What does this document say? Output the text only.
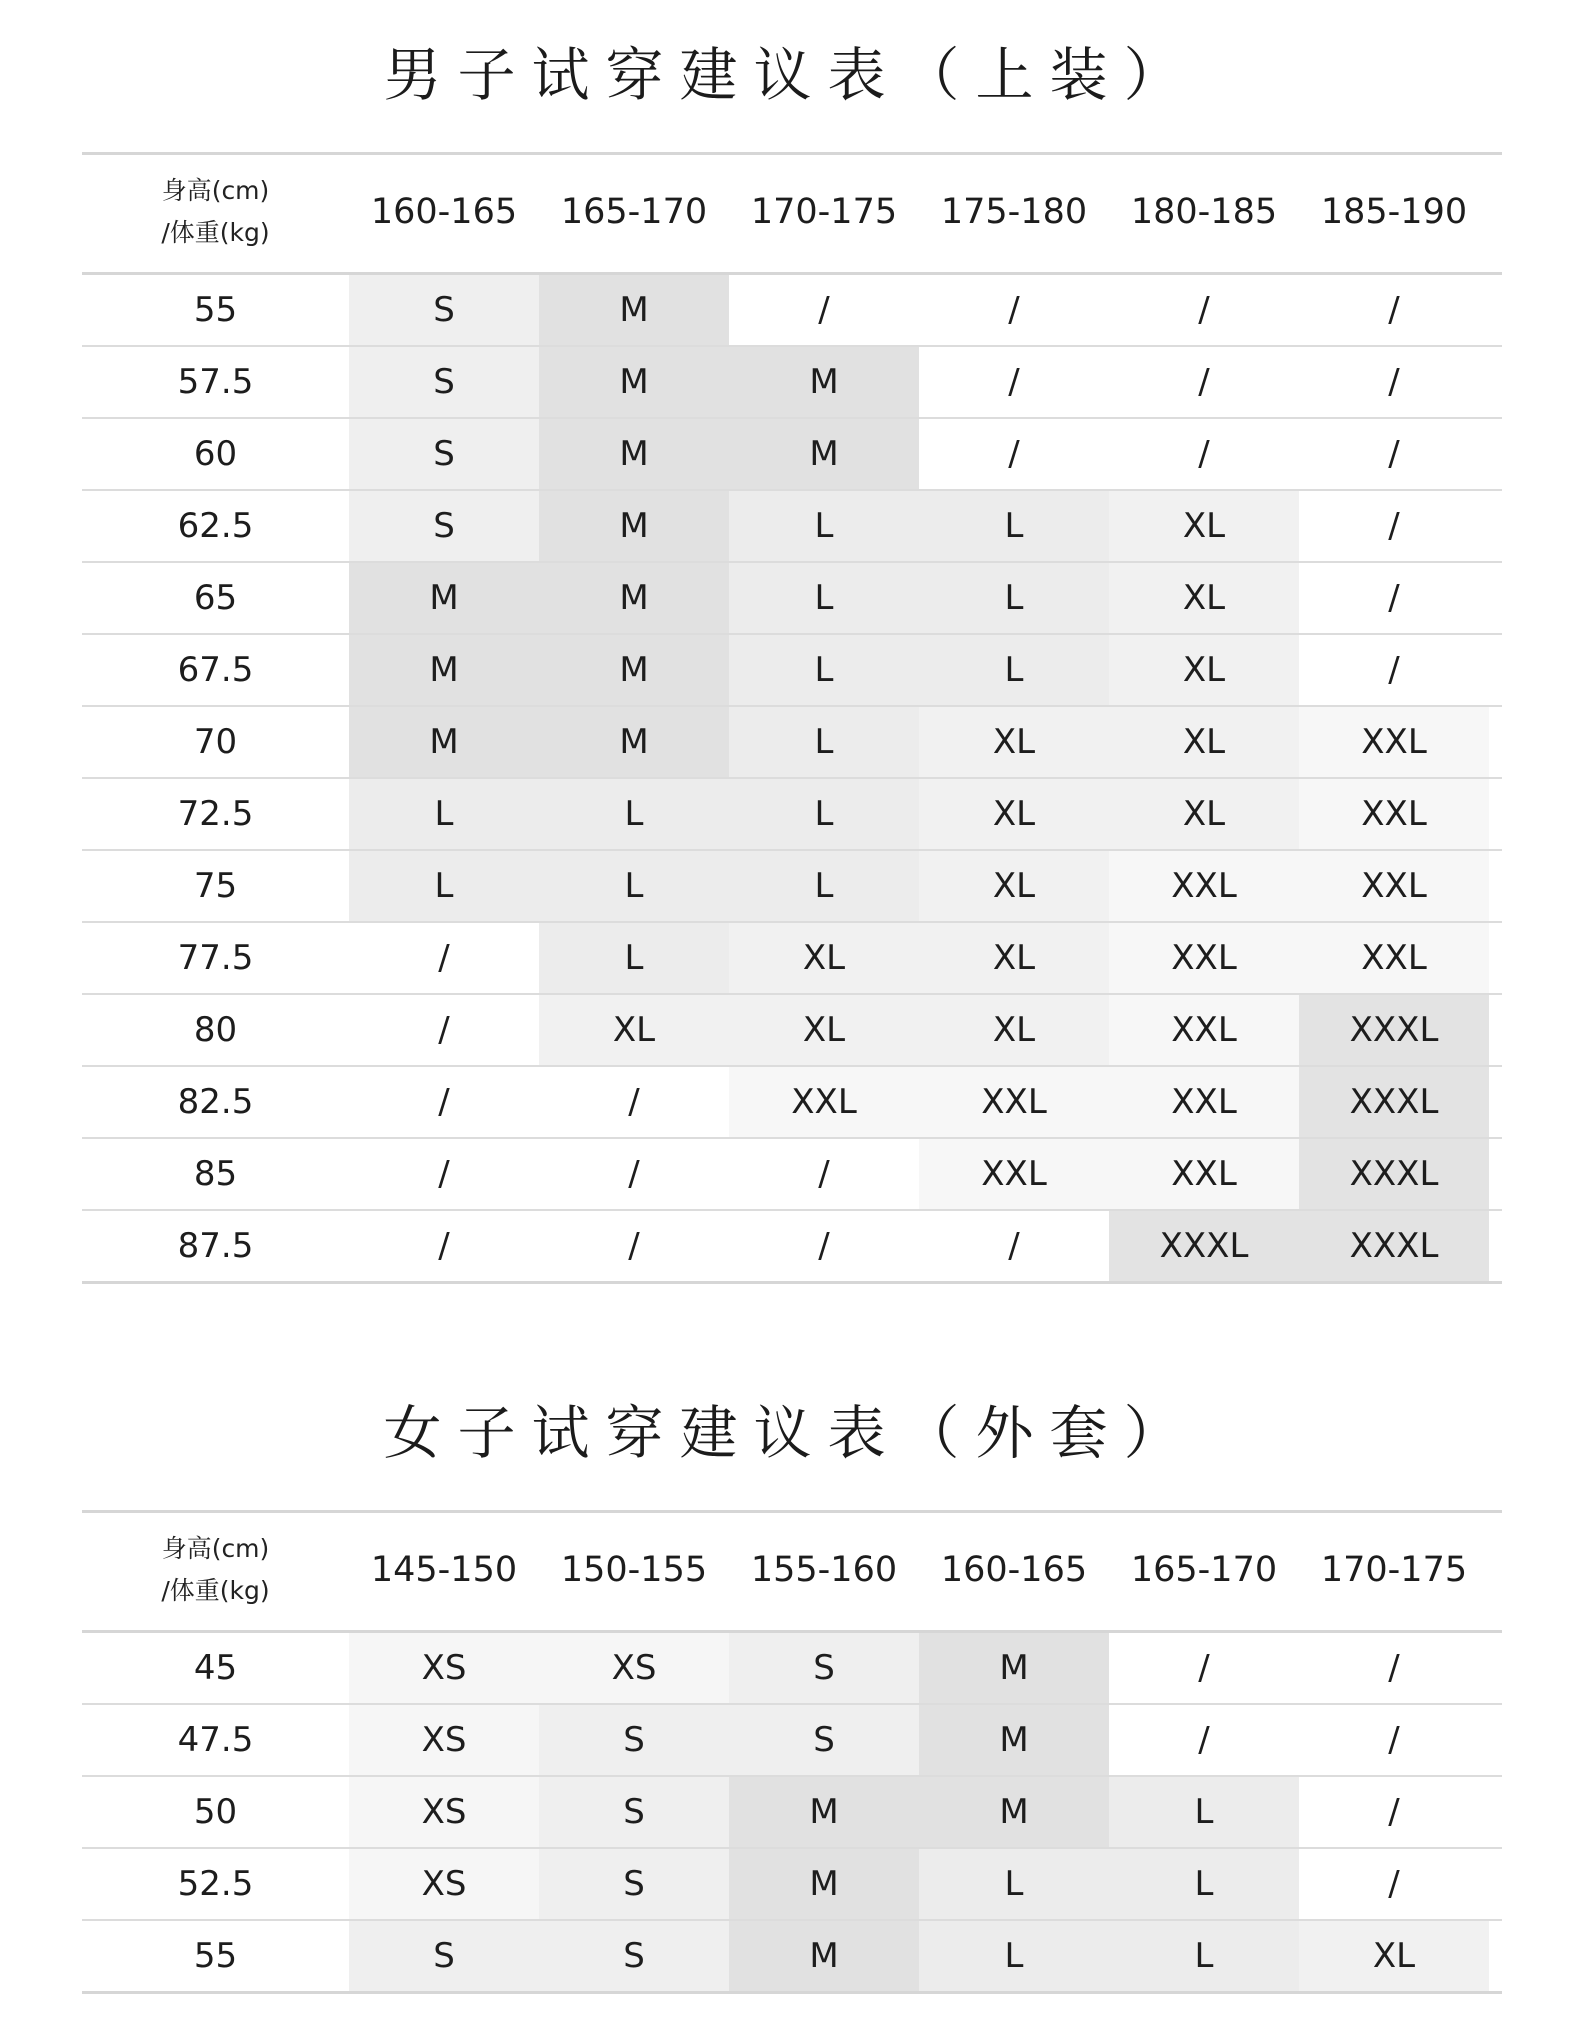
男子试穿建议表（上装）
身高(cm)
/体重(kg)
160-165	165-170	170-175	175-180	180-185	185-190
55	S	M	/	/	/	/
57.5	S	M	M	/	/	/
60	S	M	M	/	/	/
62.5	S	M	L	L	XL	/
65	M	M	L	L	XL	/
67.5	M	M	L	L	XL	/
70	M	M	L	XL	XL	XXL
72.5	L	L	L	XL	XL	XXL
75	L	L	L	XL	XXL	XXL
77.5	/	L	XL	XL	XXL	XXL
80	/	XL	XL	XL	XXL	XXXL
82.5	/	/	XXL	XXL	XXL	XXXL
85	/	/	/	XXL	XXL	XXXL
87.5	/	/	/	/	XXXL	XXXL
女子试穿建议表（外套）
身高(cm)
/体重(kg)
145-150	150-155	155-160	160-165	165-170	170-175
45	XS	XS	S	M	/	/
47.5	XS	S	S	M	/	/
50	XS	S	M	M	L	/
52.5	XS	S	M	L	L	/
55	S	S	M	L	L	XL
